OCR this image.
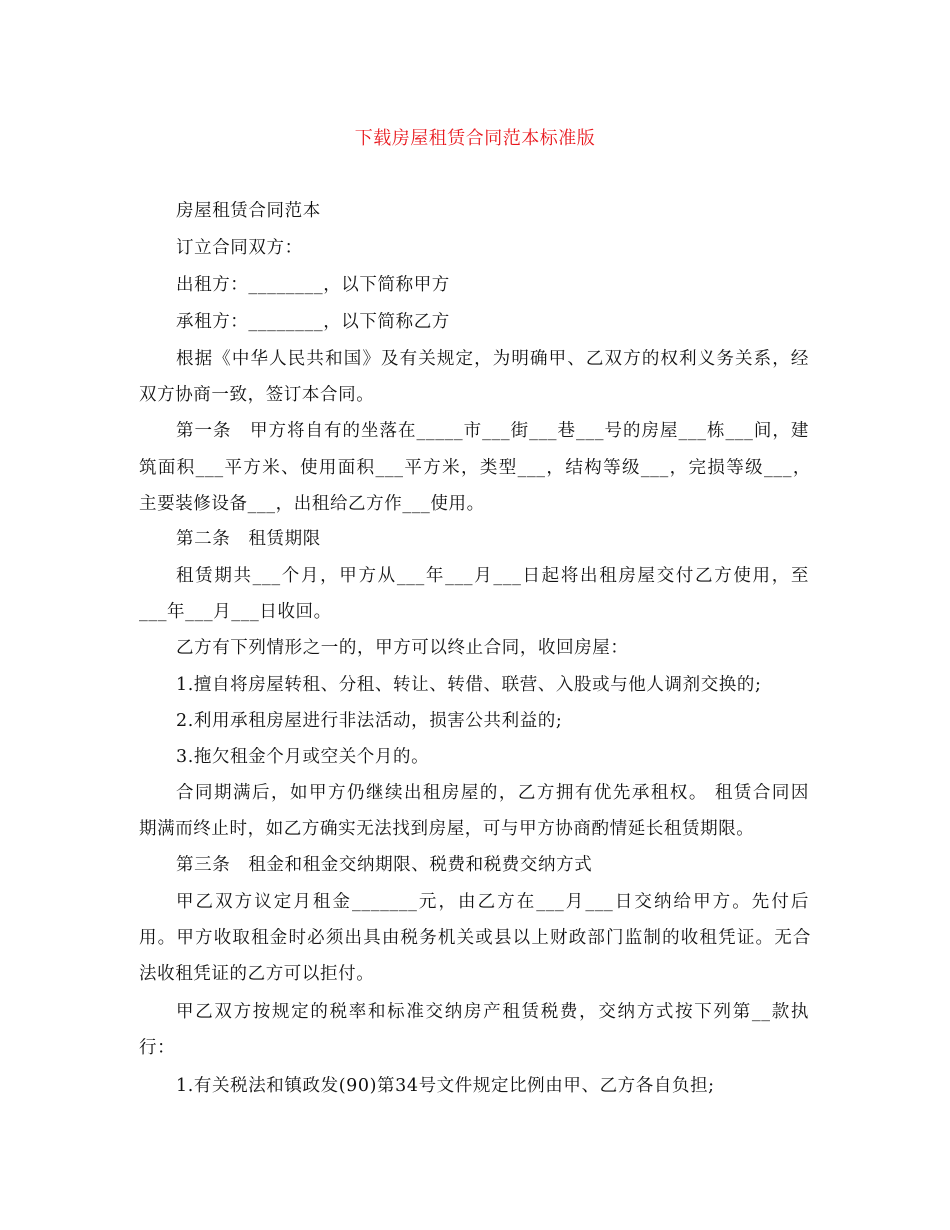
下载房屋租赁合同范本标准版
房屋租赁合同范本
订立合同双方：
出租方：________，以下简称甲方
承租方：________，以下简称乙方
根据《中华人民共和国》及有关规定，为明确甲、乙双方的权利义务关系，经
双方协商一致，签订本合同。
第一条　甲方将自有的坐落在_____市___街___巷___号的房屋___栋___间，建
筑面积___平方米、使用面积___平方米，类型___，结构等级___，完损等级___，
主要装修设备___，出租给乙方作___使用。
第二条　租赁期限
租赁期共___个月，甲方从___年___月___日起将出租房屋交付乙方使用，至
___年___月___日收回。
乙方有下列情形之一的，甲方可以终止合同，收回房屋：
1.擅自将房屋转租、分租、转让、转借、联营、入股或与他人调剂交换的;
2.利用承租房屋进行非法活动，损害公共利益的;
3.拖欠租金个月或空关个月的。
合同期满后，如甲方仍继续出租房屋的，乙方拥有优先承租权。 租赁合同因
期满而终止时，如乙方确实无法找到房屋，可与甲方协商酌情延长租赁期限。
第三条　租金和租金交纳期限、税费和税费交纳方式
甲乙双方议定月租金_______元，由乙方在___月___日交纳给甲方。先付后
用。甲方收取租金时必须出具由税务机关或县以上财政部门监制的收租凭证。无合
法收租凭证的乙方可以拒付。
甲乙双方按规定的税率和标准交纳房产租赁税费，交纳方式按下列第__款执
行：
1.有关税法和镇政发(90)第34号文件规定比例由甲、乙方各自负担;
